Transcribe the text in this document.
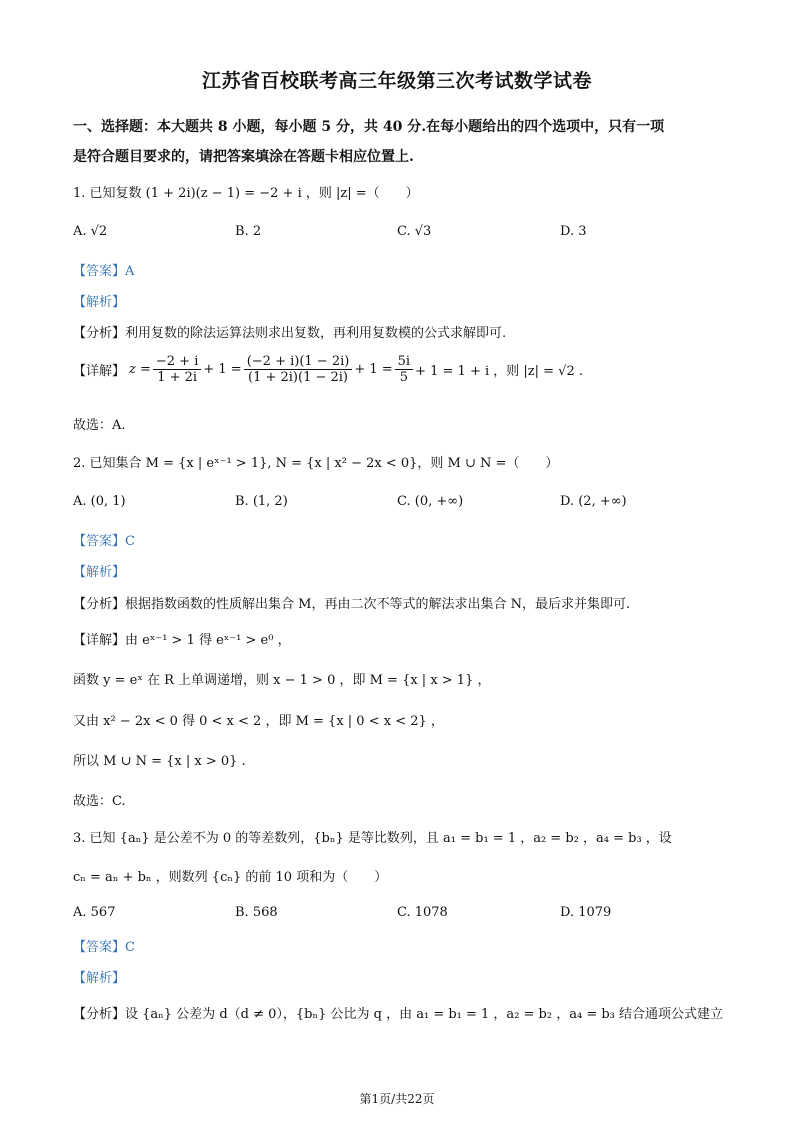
江苏省百校联考高三年级第三次考试数学试卷
一、选择题：本大题共 8 小题，每小题 5 分，共 40 分.在每小题给出的四个选项中，只有一项
是符合题目要求的，请把答案填涂在答题卡相应位置上.
1. 已知复数 (1 + 2i)(z − 1) = −2 + i ，则 |z| =（　　）
A. √2	B. 2	C. √3	D. 3
【答案】A
【解析】
【分析】利用复数的除法运算法则求出复数，再利用复数模的公式求解即可.
【详解】 $z = \frac{-2 + i}{1 + 2i} + 1 = \frac{(-2 + i)(1 - 2i)}{(1 + 2i)(1 - 2i)} + 1 = \frac{5i}{5} + 1 = 1 + i$ ，则 |z| = √2 .
故选：A.
2. 已知集合 M = {x | eˣ⁻¹ > 1}, N = {x | x² − 2x < 0}，则 M ∪ N =（　　）
A. (0, 1)	B. (1, 2)	C. (0, +∞)	D. (2, +∞)
【答案】C
【解析】
【分析】根据指数函数的性质解出集合 M，再由二次不等式的解法求出集合 N，最后求并集即可.
【详解】由 eˣ⁻¹ > 1 得 eˣ⁻¹ > e⁰ ，
函数 y = eˣ 在 R 上单调递增，则 x − 1 > 0 ，即 M = {x | x > 1} ，
又由 x² − 2x < 0 得 0 < x < 2 ，即 M = {x | 0 < x < 2} ，
所以 M ∪ N = {x | x > 0} .
故选：C.
3. 已知 {aₙ} 是公差不为 0 的等差数列，{bₙ} 是等比数列，且 a₁ = b₁ = 1 ，a₂ = b₂ ，a₄ = b₃ ，设
cₙ = aₙ + bₙ ，则数列 {cₙ} 的前 10 项和为（　　）
A. 567	B. 568	C. 1078	D. 1079
【答案】C
【解析】
【分析】设 {aₙ} 公差为 d（d ≠ 0），{bₙ} 公比为 q ，由 a₁ = b₁ = 1 ，a₂ = b₂ ，a₄ = b₃ 结合通项公式建立
第1页/共22页
